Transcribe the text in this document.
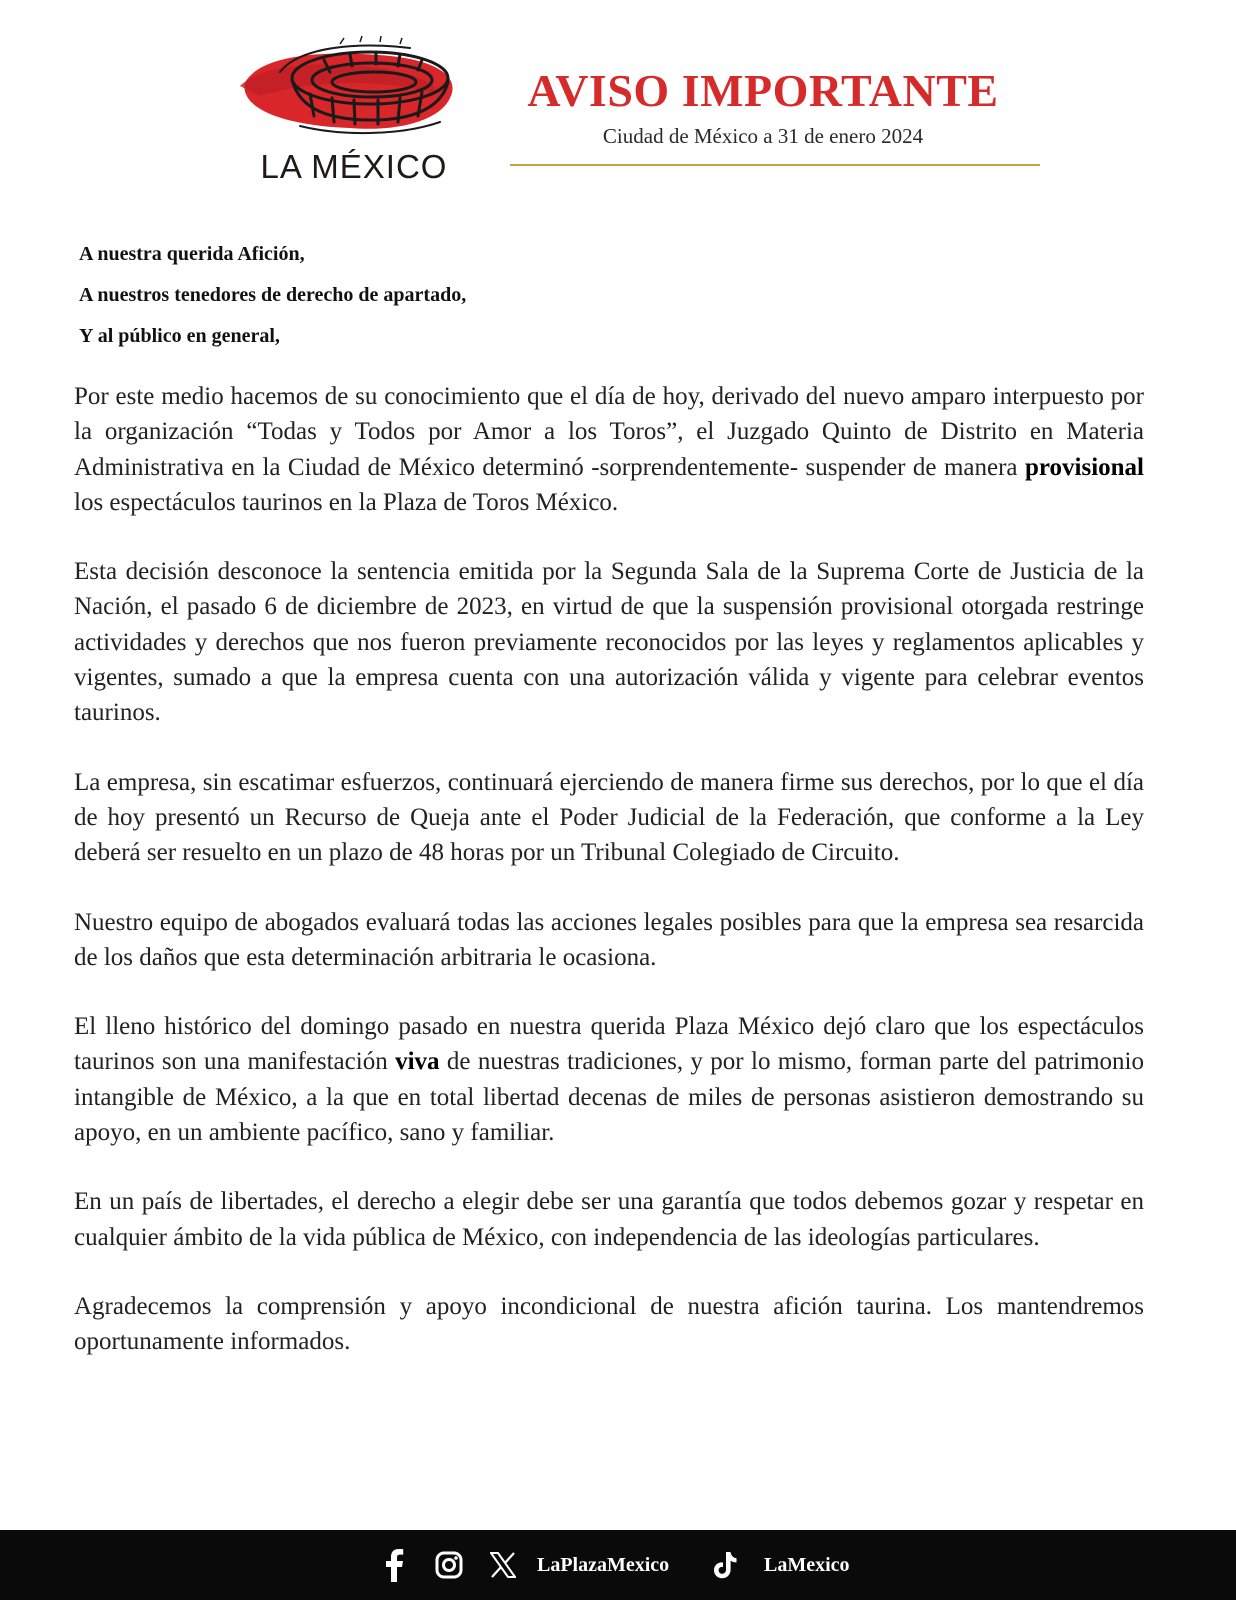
LA MÉXICO
AVISO IMPORTANTE
Ciudad de México a 31 de enero 2024
A nuestra querida Afición,
A nuestros tenedores de derecho de apartado,
Y al público en general,

Por este medio hacemos de su conocimiento que el día de hoy, derivado del nuevo amparo interpuesto por la organización “Todas y Todos por Amor a los Toros”, el Juzgado Quinto de Distrito en Materia Administrativa en la Ciudad de México determinó -sorprendentemente- suspender de manera provisional los espectáculos taurinos en la Plaza de Toros México.

Esta decisión desconoce la sentencia emitida por la Segunda Sala de la Suprema Corte de Justicia de la Nación, el pasado 6 de diciembre de 2023, en virtud de que la suspensión provisional otorgada restringe actividades y derechos que nos fueron previamente reconocidos por las leyes y reglamentos aplicables y vigentes, sumado a que la empresa cuenta con una autorización válida y vigente para celebrar eventos taurinos.

La empresa, sin escatimar esfuerzos, continuará ejerciendo de manera firme sus derechos, por lo que el día de hoy presentó un Recurso de Queja ante el Poder Judicial de la Federación, que conforme a la Ley deberá ser resuelto en un plazo de 48 horas por un Tribunal Colegiado de Circuito.

Nuestro equipo de abogados evaluará todas las acciones legales posibles para que la empresa sea resarcida de los daños que esta determinación arbitraria le ocasiona.

El lleno histórico del domingo pasado en nuestra querida Plaza México dejó claro que los espectáculos taurinos son una manifestación viva de nuestras tradiciones, y por lo mismo, forman parte del patrimonio intangible de México, a la que en total libertad decenas de miles de personas asistieron demostrando su apoyo, en un ambiente pacífico, sano y familiar.

En un país de libertades, el derecho a elegir debe ser una garantía que todos debemos gozar y respetar en cualquier ámbito de la vida pública de México, con independencia de las ideologías particulares.

Agradecemos la comprensión y apoyo incondicional de nuestra afición taurina. Los mantendremos oportunamente informados.

LaPlazaMexico	LaMexico
